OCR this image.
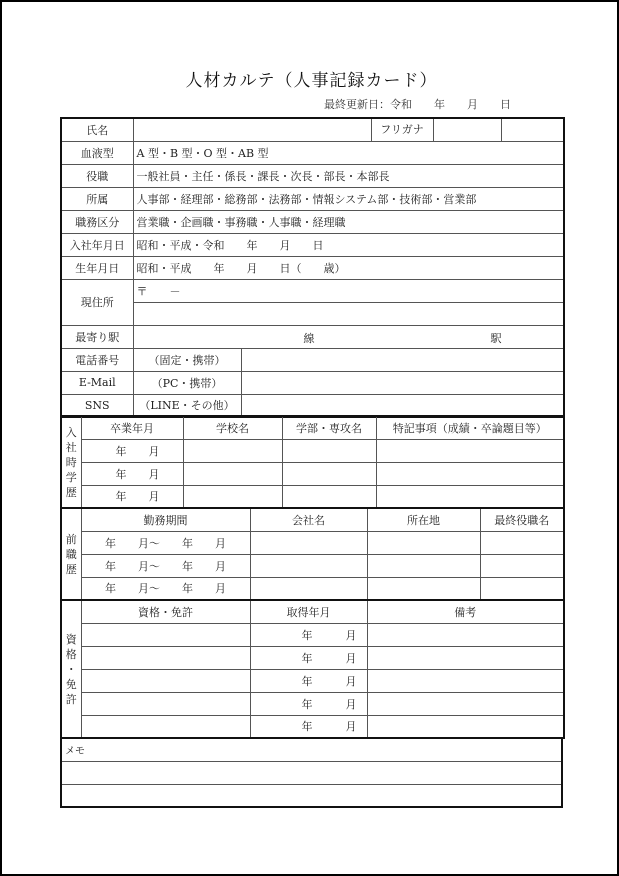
人材カルテ（人事記録カード）
最終更新日：令和　　年　　月　　日
氏名			フリガナ	

血液型	A 型・B 型・O 型・AB 型			
役職	一般社員・主任・係長・課長・次長・部長・本部長			
所属	人事部・経理部・総務部・法務部・情報システム部・技術部・営業部			
職務区分	営業職・企画職・事務職・人事職・経理職			
入社年月日	昭和・平成・令和　　年　　月　　日			
生年月日	昭和・平成　　年　　月　　日（　　歳）			
現住所	〒　　－			

最寄り駅	線 駅			

電話番号	（固定・携帯）			
E-Mail	（PC・携帯）			
SNS	（LINE・その他）			
入
社
時
学
歴	卒業年月	学校名	学部・専攻名	特記事項（成績・卒論題目等）
	　年　　月			
	　年　　月			
	　年　　月			
前
職
歴	勤務期間	会社名	所在地	最終役職名
	年　　月〜　　年　　月			
	年　　月〜　　年　　月			
	年　　月〜　　年　　月			
資
格
・
免
許	資格・免許	取得年月	備考
		年　　　月	
		年　　　月	
		年　　　月	
		年　　　月	
		年　　　月	
メモ
